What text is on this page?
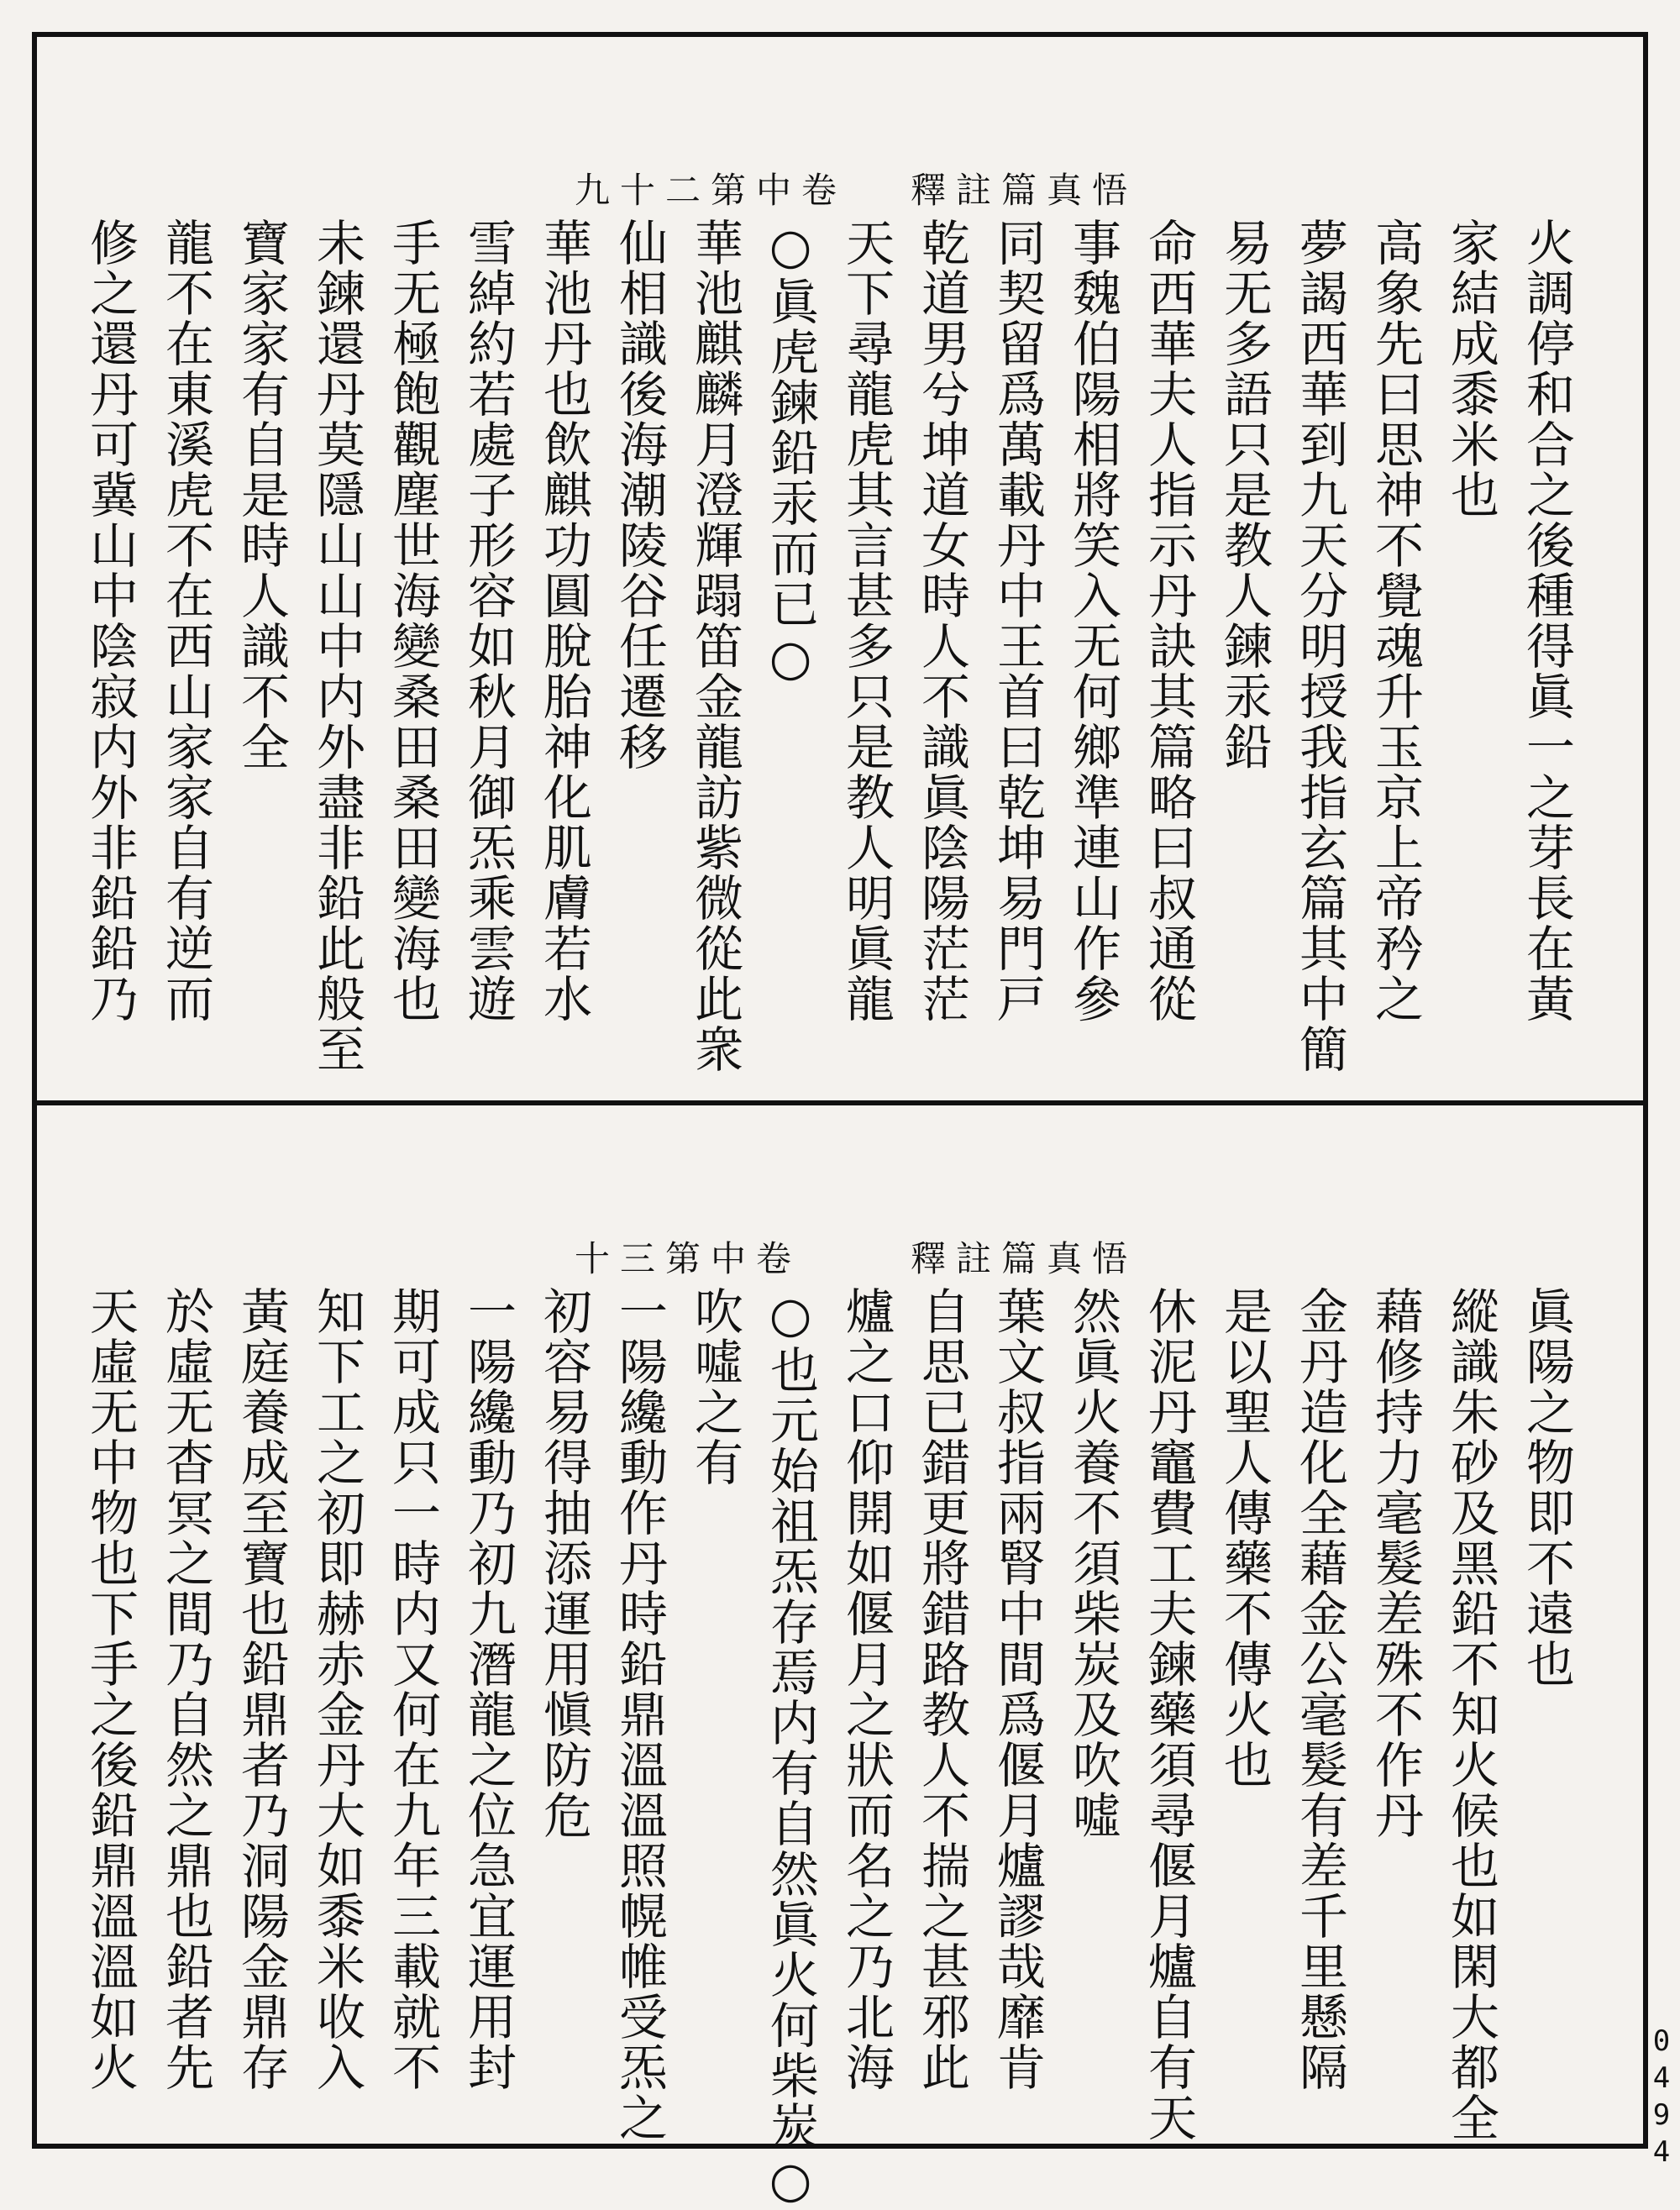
悟真篇註釋
卷中第二十九
火調停和合之後種得眞一之芽長在黃
家結成黍米也
高象先曰思神不覺魂升玉京上帝矜之
夢謁西華到九天分明授我指玄篇其中簡
易无多語只是教人鍊汞鉛
命西華夫人指示丹訣其篇略曰叔通從
事魏伯陽相將笑入无何鄉準連山作參
同契留爲萬載丹中王首曰乾坤易門戸
乾道男兮坤道女時人不識眞陰陽茫茫
天下尋龍虎其言甚多只是教人明眞龍
○眞虎鍊鉛汞而已○
華池麒麟月澄輝蹋笛金龍訪紫微從此衆
仙相識後海潮陵谷任遷移
華池丹也飲麒功圓脫胎神化肌膚若水
雪綽約若處子形容如秋月御炁乘雲遊
手无極飽觀塵世海變桑田桑田變海也
未鍊還丹莫隱山山中内外盡非鉛此般至
寶家家有自是時人識不全
龍不在東溪虎不在西山家家自有逆而
修之還丹可冀山中陰寂内外非鉛鉛乃
悟真篇註釋
卷中第三十
眞陽之物即不遠也
縱識朱砂及黑鉛不知火候也如閑大都全
藉修持力毫髮差殊不作丹
金丹造化全藉金公毫髮有差千里懸隔
是以聖人傳藥不傳火也
休泥丹竈費工夫鍊藥須尋偃月爐自有天
然眞火養不須柴炭及吹噓
葉文叔指兩腎中間爲偃月爐謬哉靡肯
自思已錯更將錯路教人不揣之甚邪此
爐之口仰開如偃月之狀而名之乃北海
○也元始祖炁存焉内有自然眞火何柴炭○
吹噓之有
一陽纔動作丹時鉛鼎溫溫照幌帷受炁之
初容易得抽添運用愼防危
一陽纔動乃初九潛龍之位急宜運用封
期可成只一時内又何在九年三載就不
知下工之初即赫赤金丹大如黍米收入
黃庭養成至寶也鉛鼎者乃洞陽金鼎存
於虛无杳冥之間乃自然之鼎也鉛者先
天虛无中物也下手之後鉛鼎溫溫如火
0494
